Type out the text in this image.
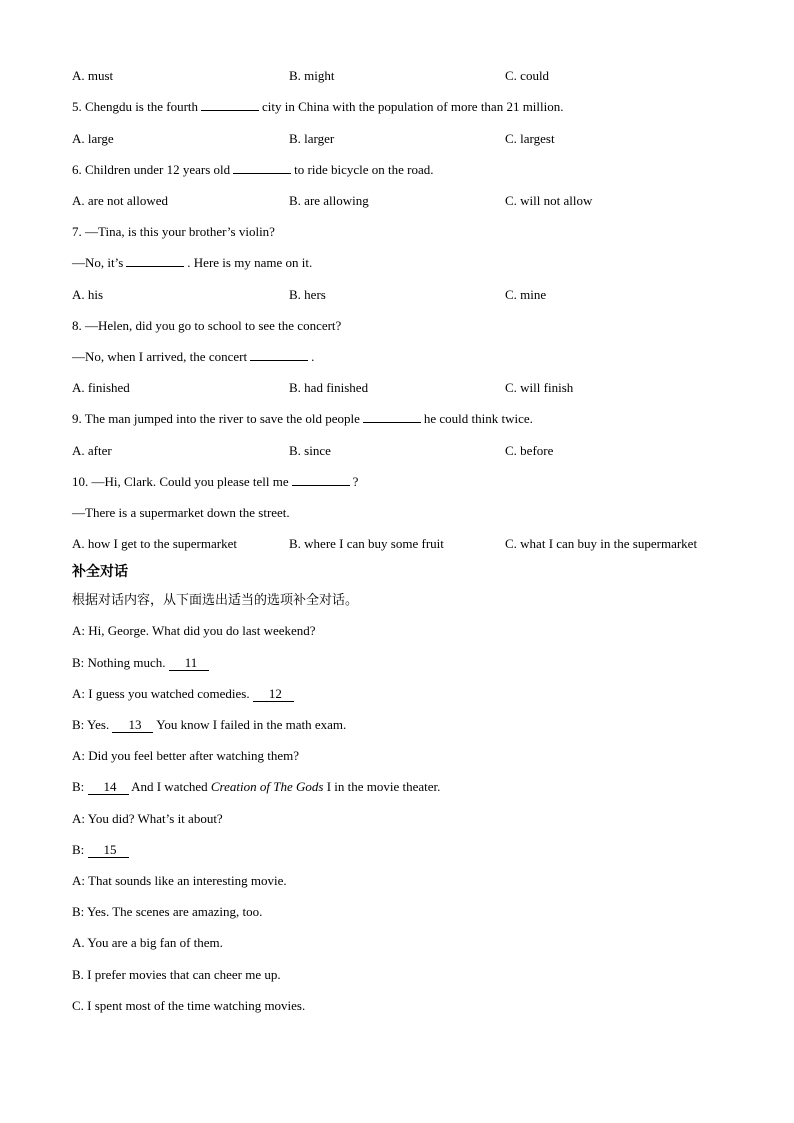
A. must	B. might	C. could
5. Chengdu is the fourth	city in China with the population of more than 21 million.
A. large	B. larger	C. largest
6. Children under 12 years old	to ride bicycle on the road.
A. are not allowed	B. are allowing	C. will not allow
7. —Tina, is this your brother’s violin?
—No, it’s	. Here is my name on it.
A. his	B. hers	C. mine
8. —Helen, did you go to school to see the concert?
—No, when I arrived, the concert	.
A. finished	B. had finished	C. will finish
9. The man jumped into the river to save the old people	he could think twice.
A. after	B. since	C. before
10. —Hi, Clark. Could you please tell me	?
—There is a supermarket down the street.
A. how I get to the supermarket	B. where I can buy some fruit	C. what I can buy in the supermarket
补全对话
根据对话内容，从下面选出适当的选项补全对话。
A: Hi, George. What did you do last weekend?
B: Nothing much. 11
A: I guess you watched comedies. 12
B: Yes. 13 You know I failed in the math exam.
A: Did you feel better after watching them?
B: 14 And I watched Creation of The Gods I in the movie theater.
A: You did? What’s it about?
B: 15
A: That sounds like an interesting movie.
B: Yes. The scenes are amazing, too.
A. You are a big fan of them.
B. I prefer movies that can cheer me up.
C. I spent most of the time watching movies.
